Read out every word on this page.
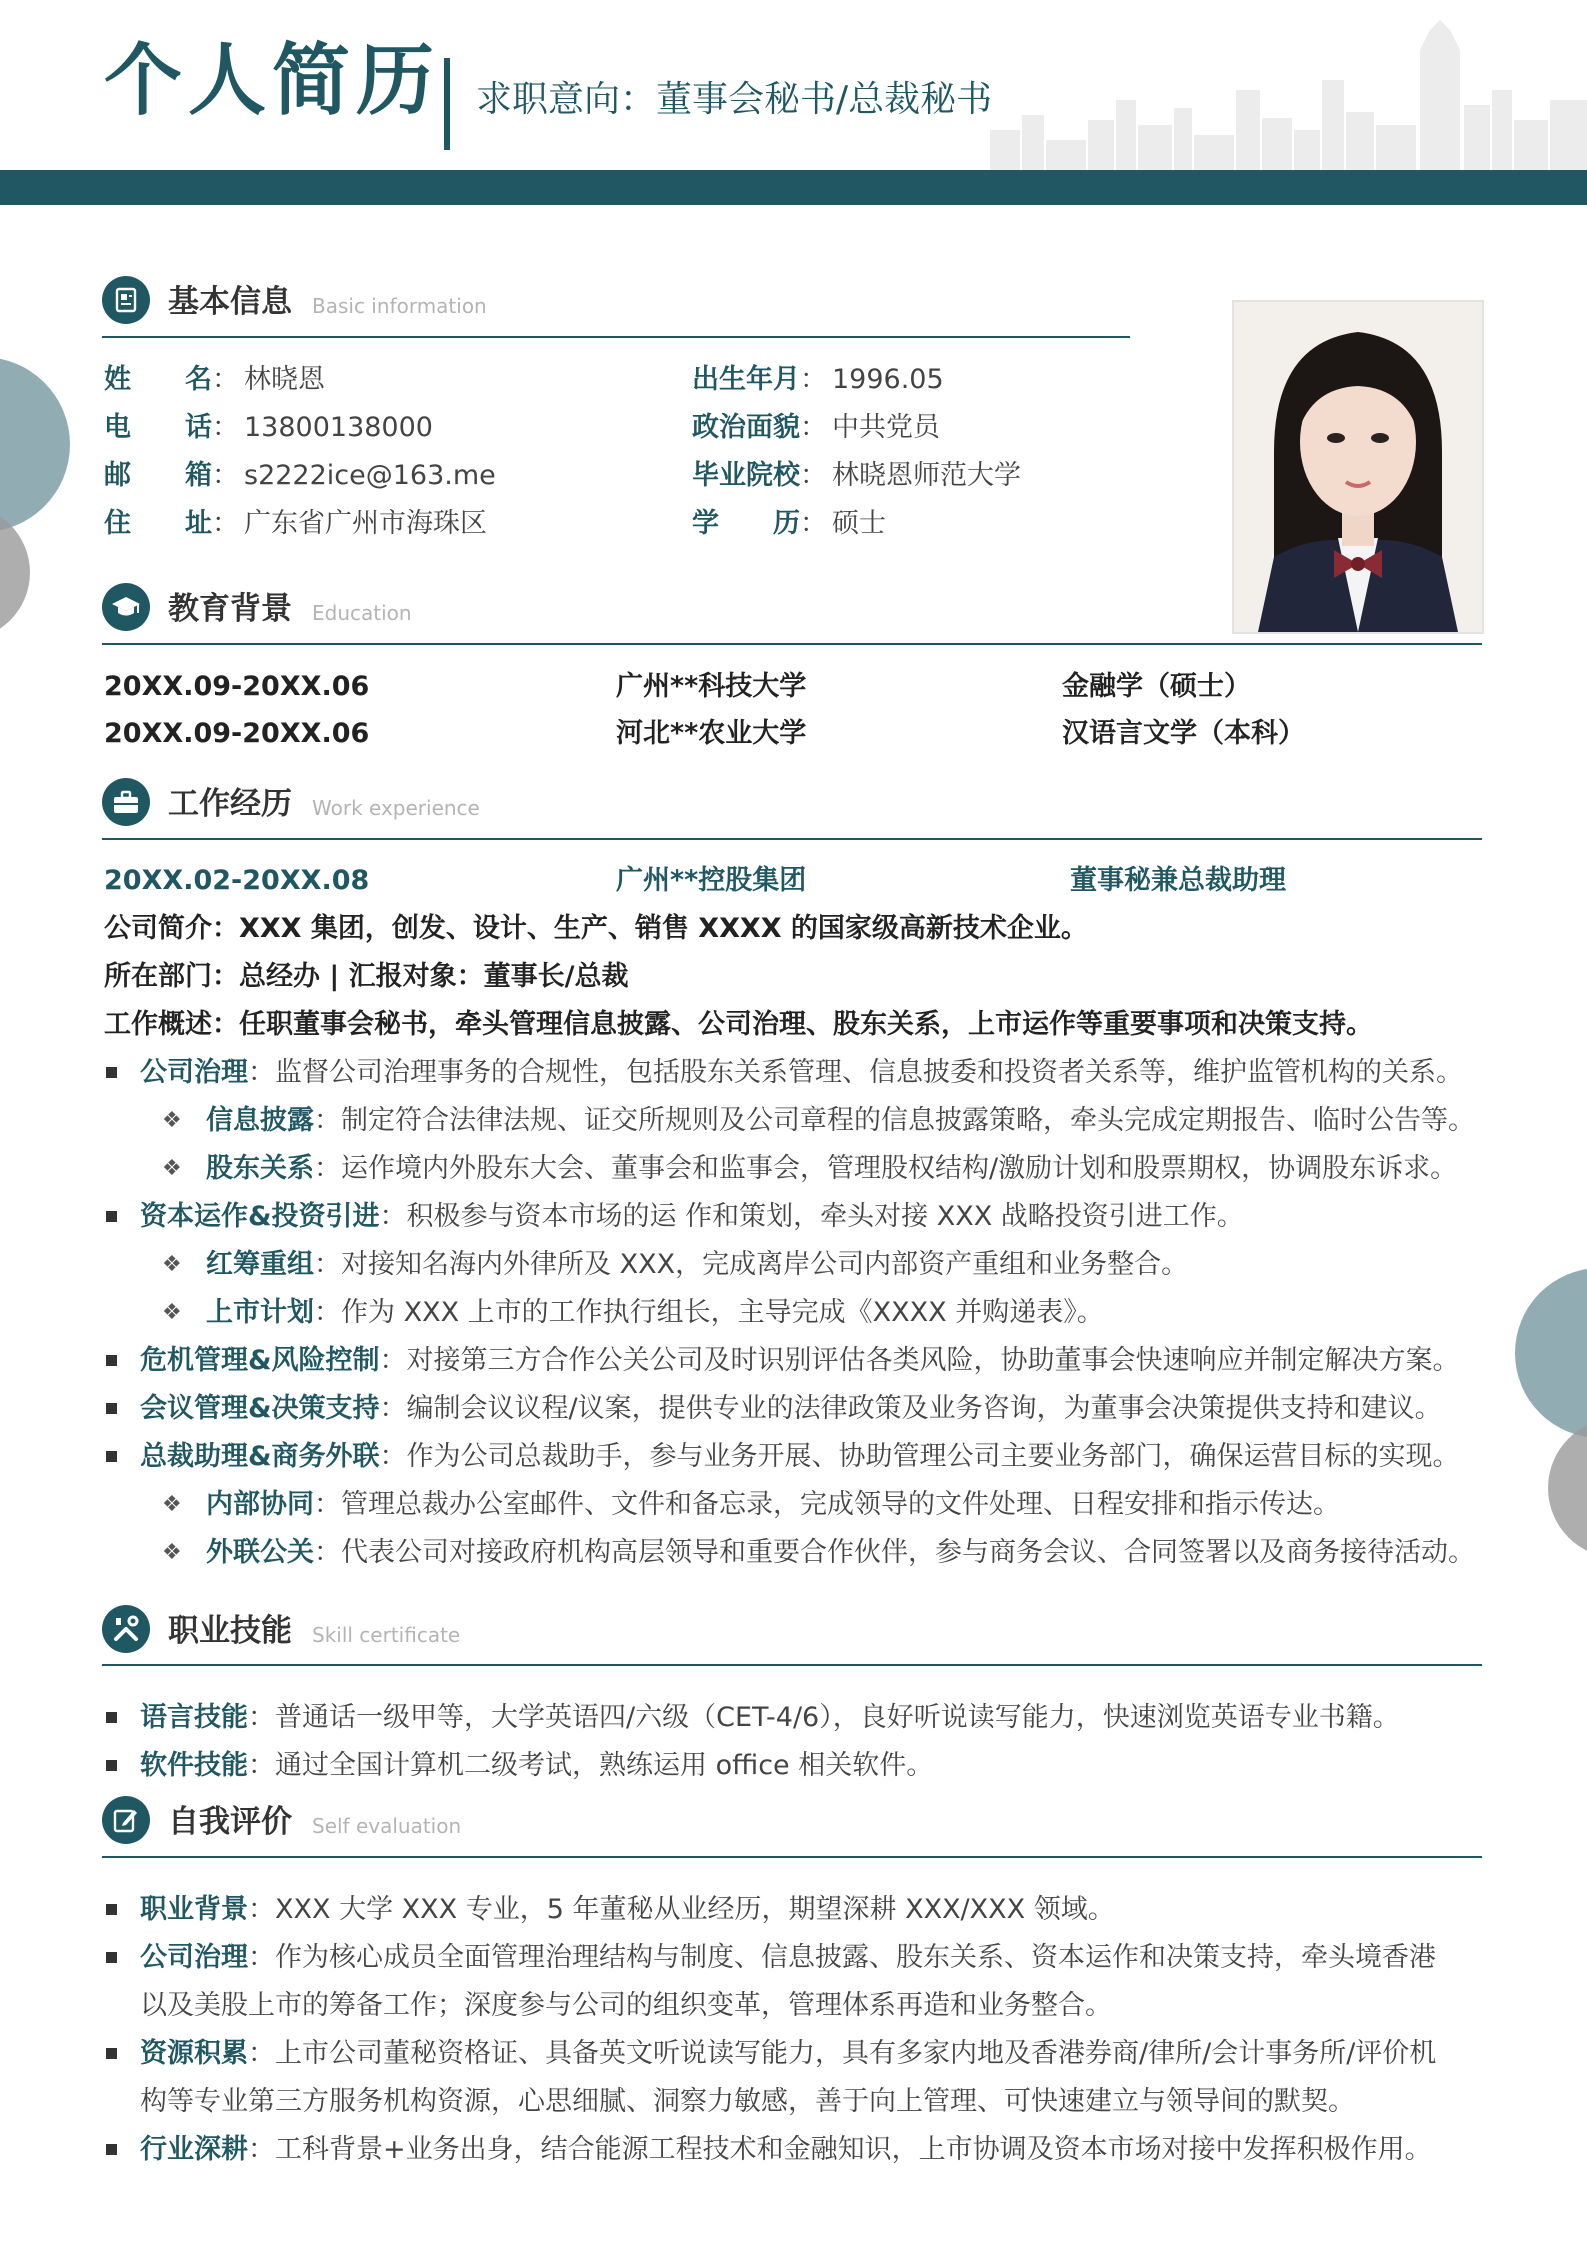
个人简历 求职意向：董事会秘书/总裁秘书
基本信息 Basic information
姓　　名 ： 林晓恩
电　　话 ： 13800138000
邮　　箱 ： s2222ice@163.me
住　　址 ： 广东省广州市海珠区
出生年月 ： 1996.05
政治面貌 ： 中共党员
毕业院校 ： 林晓恩师范大学
学　　历 ： 硕士
教育背景 Education
20XX.09-20XX.06	广州**科技大学	金融学（硕士）
20XX.09-20XX.06	河北**农业大学	汉语言文学（本科）
工作经历 Work experience
20XX.02-20XX.08	广州**控股集团	董事秘兼总裁助理
公司简介：XXX 集团，创发、设计、生产、销售 XXXX 的国家级高新技术企业。
所在部门：总经办 | 汇报对象：董事长/总裁
工作概述：任职董事会秘书，牵头管理信息披露、公司治理、股东关系，上市运作等重要事项和决策支持。
公司治理：监督公司治理事务的合规性，包括股东关系管理、信息披委和投资者关系等，维护监管机构的关系。
❖ 信息披露：制定符合法律法规、证交所规则及公司章程的信息披露策略，牵头完成定期报告、临时公告等。
❖ 股东关系：运作境内外股东大会、董事会和监事会，管理股权结构/激励计划和股票期权，协调股东诉求。
资本运作&投资引进：积极参与资本市场的运 作和策划，牵头对接 XXX 战略投资引进工作。
❖ 红筹重组：对接知名海内外律所及 XXX，完成离岸公司内部资产重组和业务整合。
❖ 上市计划：作为 XXX 上市的工作执行组长，主导完成《XXXX 并购递表》。
危机管理&风险控制：对接第三方合作公关公司及时识别评估各类风险，协助董事会快速响应并制定解决方案。
会议管理&决策支持：编制会议议程/议案，提供专业的法律政策及业务咨询，为董事会决策提供支持和建议。
总裁助理&商务外联：作为公司总裁助手，参与业务开展、协助管理公司主要业务部门，确保运营目标的实现。
❖ 内部协同：管理总裁办公室邮件、文件和备忘录，完成领导的文件处理、日程安排和指示传达。
❖ 外联公关：代表公司对接政府机构高层领导和重要合作伙伴，参与商务会议、合同签署以及商务接待活动。
职业技能 Skill certificate
语言技能：普通话一级甲等，大学英语四/六级（CET-4/6），良好听说读写能力，快速浏览英语专业书籍。
软件技能：通过全国计算机二级考试，熟练运用 office 相关软件。
自我评价 Self evaluation
职业背景：XXX 大学 XXX 专业，5 年董秘从业经历，期望深耕 XXX/XXX 领域。
公司治理：作为核心成员全面管理治理结构与制度、信息披露、股东关系、资本运作和决策支持，牵头境香港
以及美股上市的筹备工作；深度参与公司的组织变革，管理体系再造和业务整合。
资源积累：上市公司董秘资格证、具备英文听说读写能力，具有多家内地及香港券商/律所/会计事务所/评价机
构等专业第三方服务机构资源，心思细腻、洞察力敏感，善于向上管理、可快速建立与领导间的默契。
行业深耕：工科背景+业务出身，结合能源工程技术和金融知识，上市协调及资本市场对接中发挥积极作用。
